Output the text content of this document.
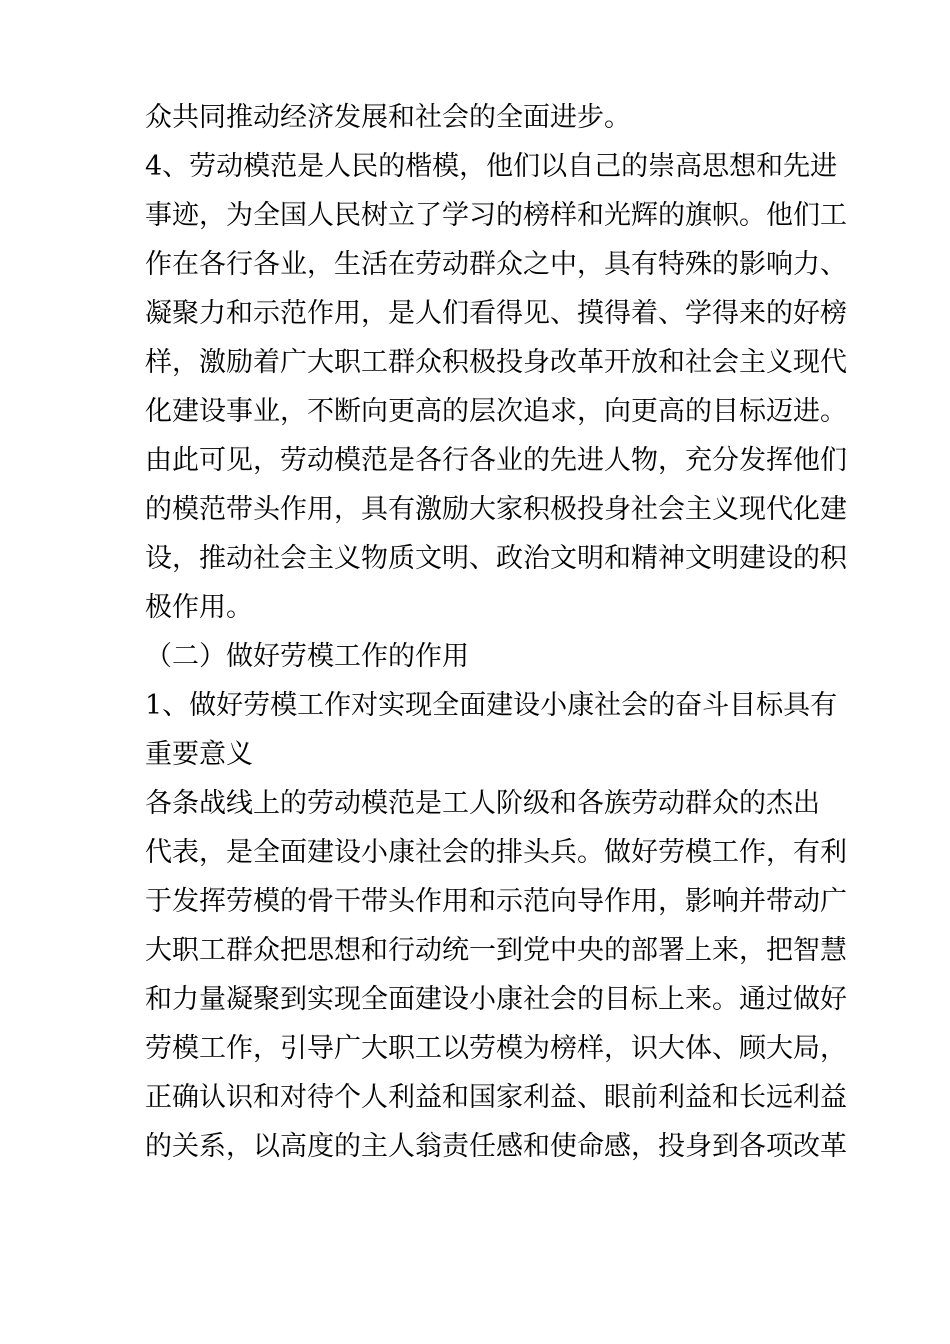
众共同推动经济发展和社会的全面进步。
4、劳动模范是人民的楷模，他们以自己的崇高思想和先进
事迹，为全国人民树立了学习的榜样和光辉的旗帜。他们工
作在各行各业，生活在劳动群众之中，具有特殊的影响力、
凝聚力和示范作用，是人们看得见、摸得着、学得来的好榜
样，激励着广大职工群众积极投身改革开放和社会主义现代
化建设事业，不断向更高的层次追求，向更高的目标迈进。
由此可见，劳动模范是各行各业的先进人物，充分发挥他们
的模范带头作用，具有激励大家积极投身社会主义现代化建
设，推动社会主义物质文明、政治文明和精神文明建设的积
极作用。
（二）做好劳模工作的作用
1、做好劳模工作对实现全面建设小康社会的奋斗目标具有
重要意义
各条战线上的劳动模范是工人阶级和各族劳动群众的杰出
代表，是全面建设小康社会的排头兵。做好劳模工作，有利
于发挥劳模的骨干带头作用和示范向导作用，影响并带动广
大职工群众把思想和行动统一到党中央的部署上来，把智慧
和力量凝聚到实现全面建设小康社会的目标上来。通过做好
劳模工作，引导广大职工以劳模为榜样，识大体、顾大局，
正确认识和对待个人利益和国家利益、眼前利益和长远利益
的关系，以高度的主人翁责任感和使命感，投身到各项改革
